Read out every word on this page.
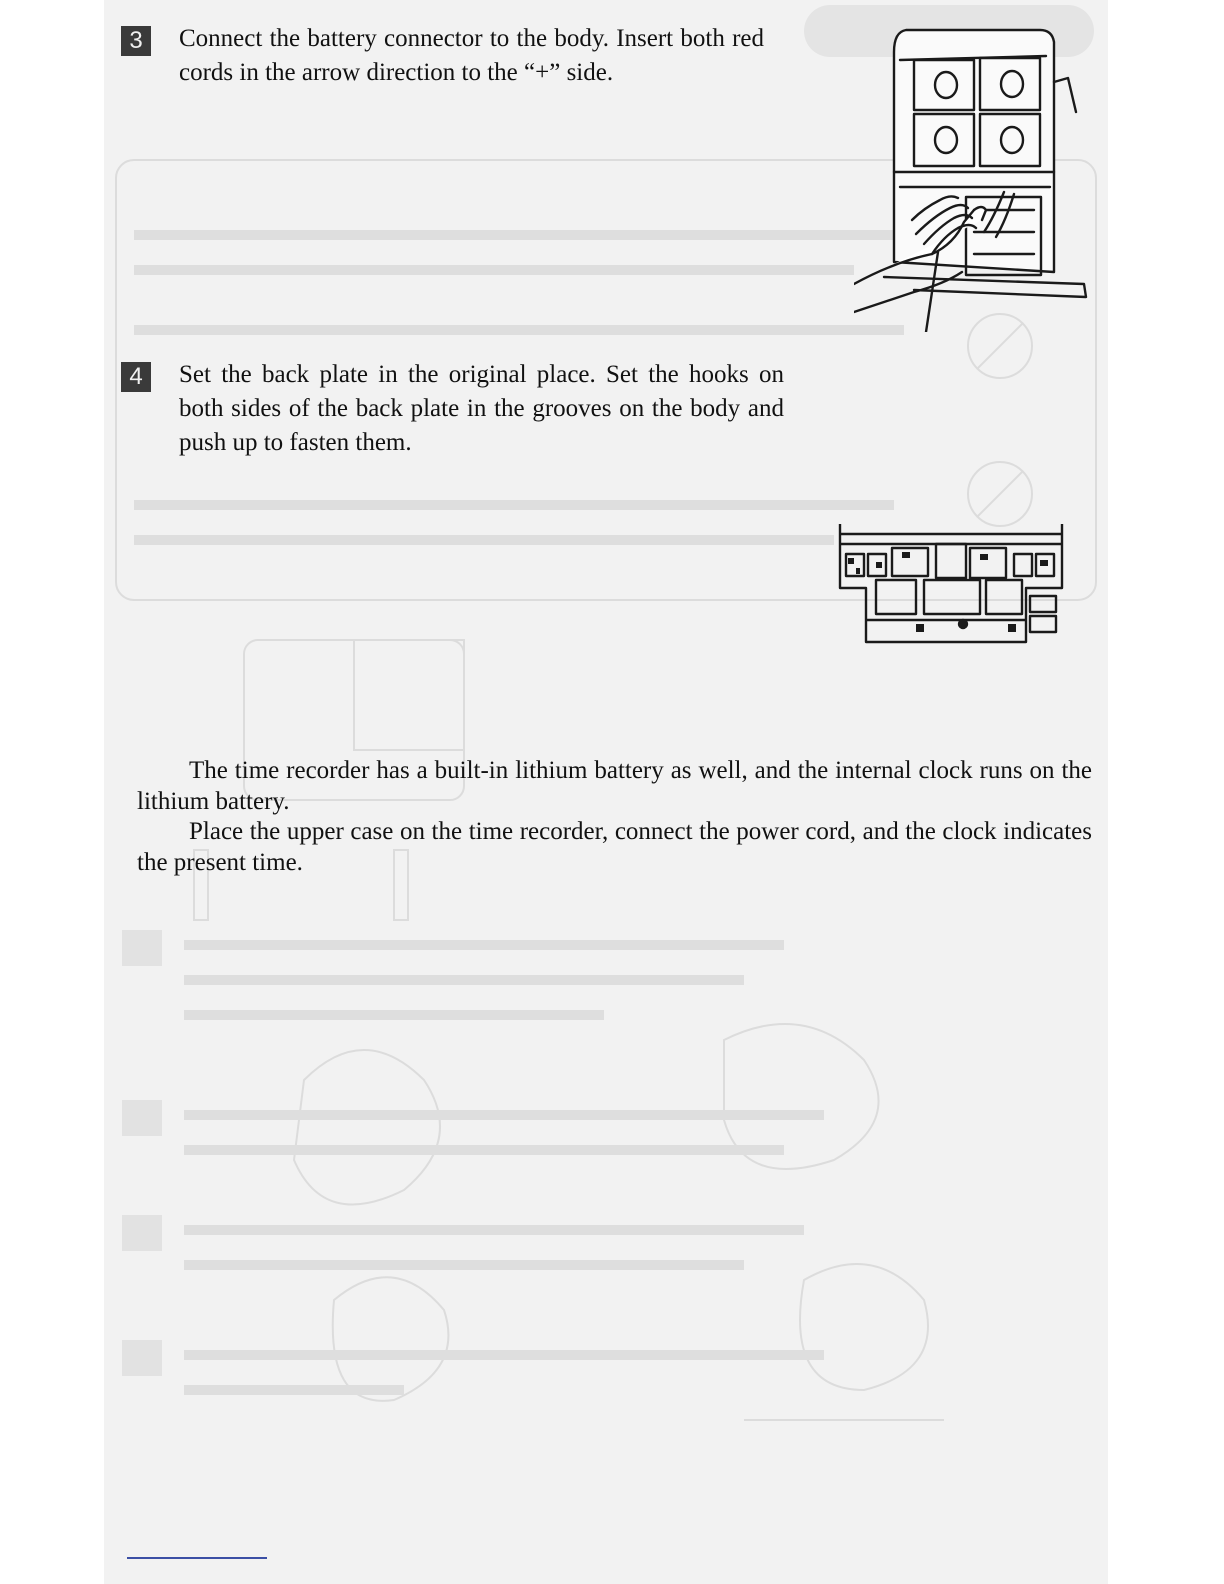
3	Connect the battery connector to the body. Insert both red cords in the arrow direction to the “+” side.
4	Set the back plate in the original place. Set the hooks on both sides of the back plate in the grooves on the body and push up to fasten them.

The time recorder has a built-in lithium battery as well, and the internal clock runs on the lithium battery.

Place the upper case on the time recorder, connect the power cord, and the clock indicates the present time.
